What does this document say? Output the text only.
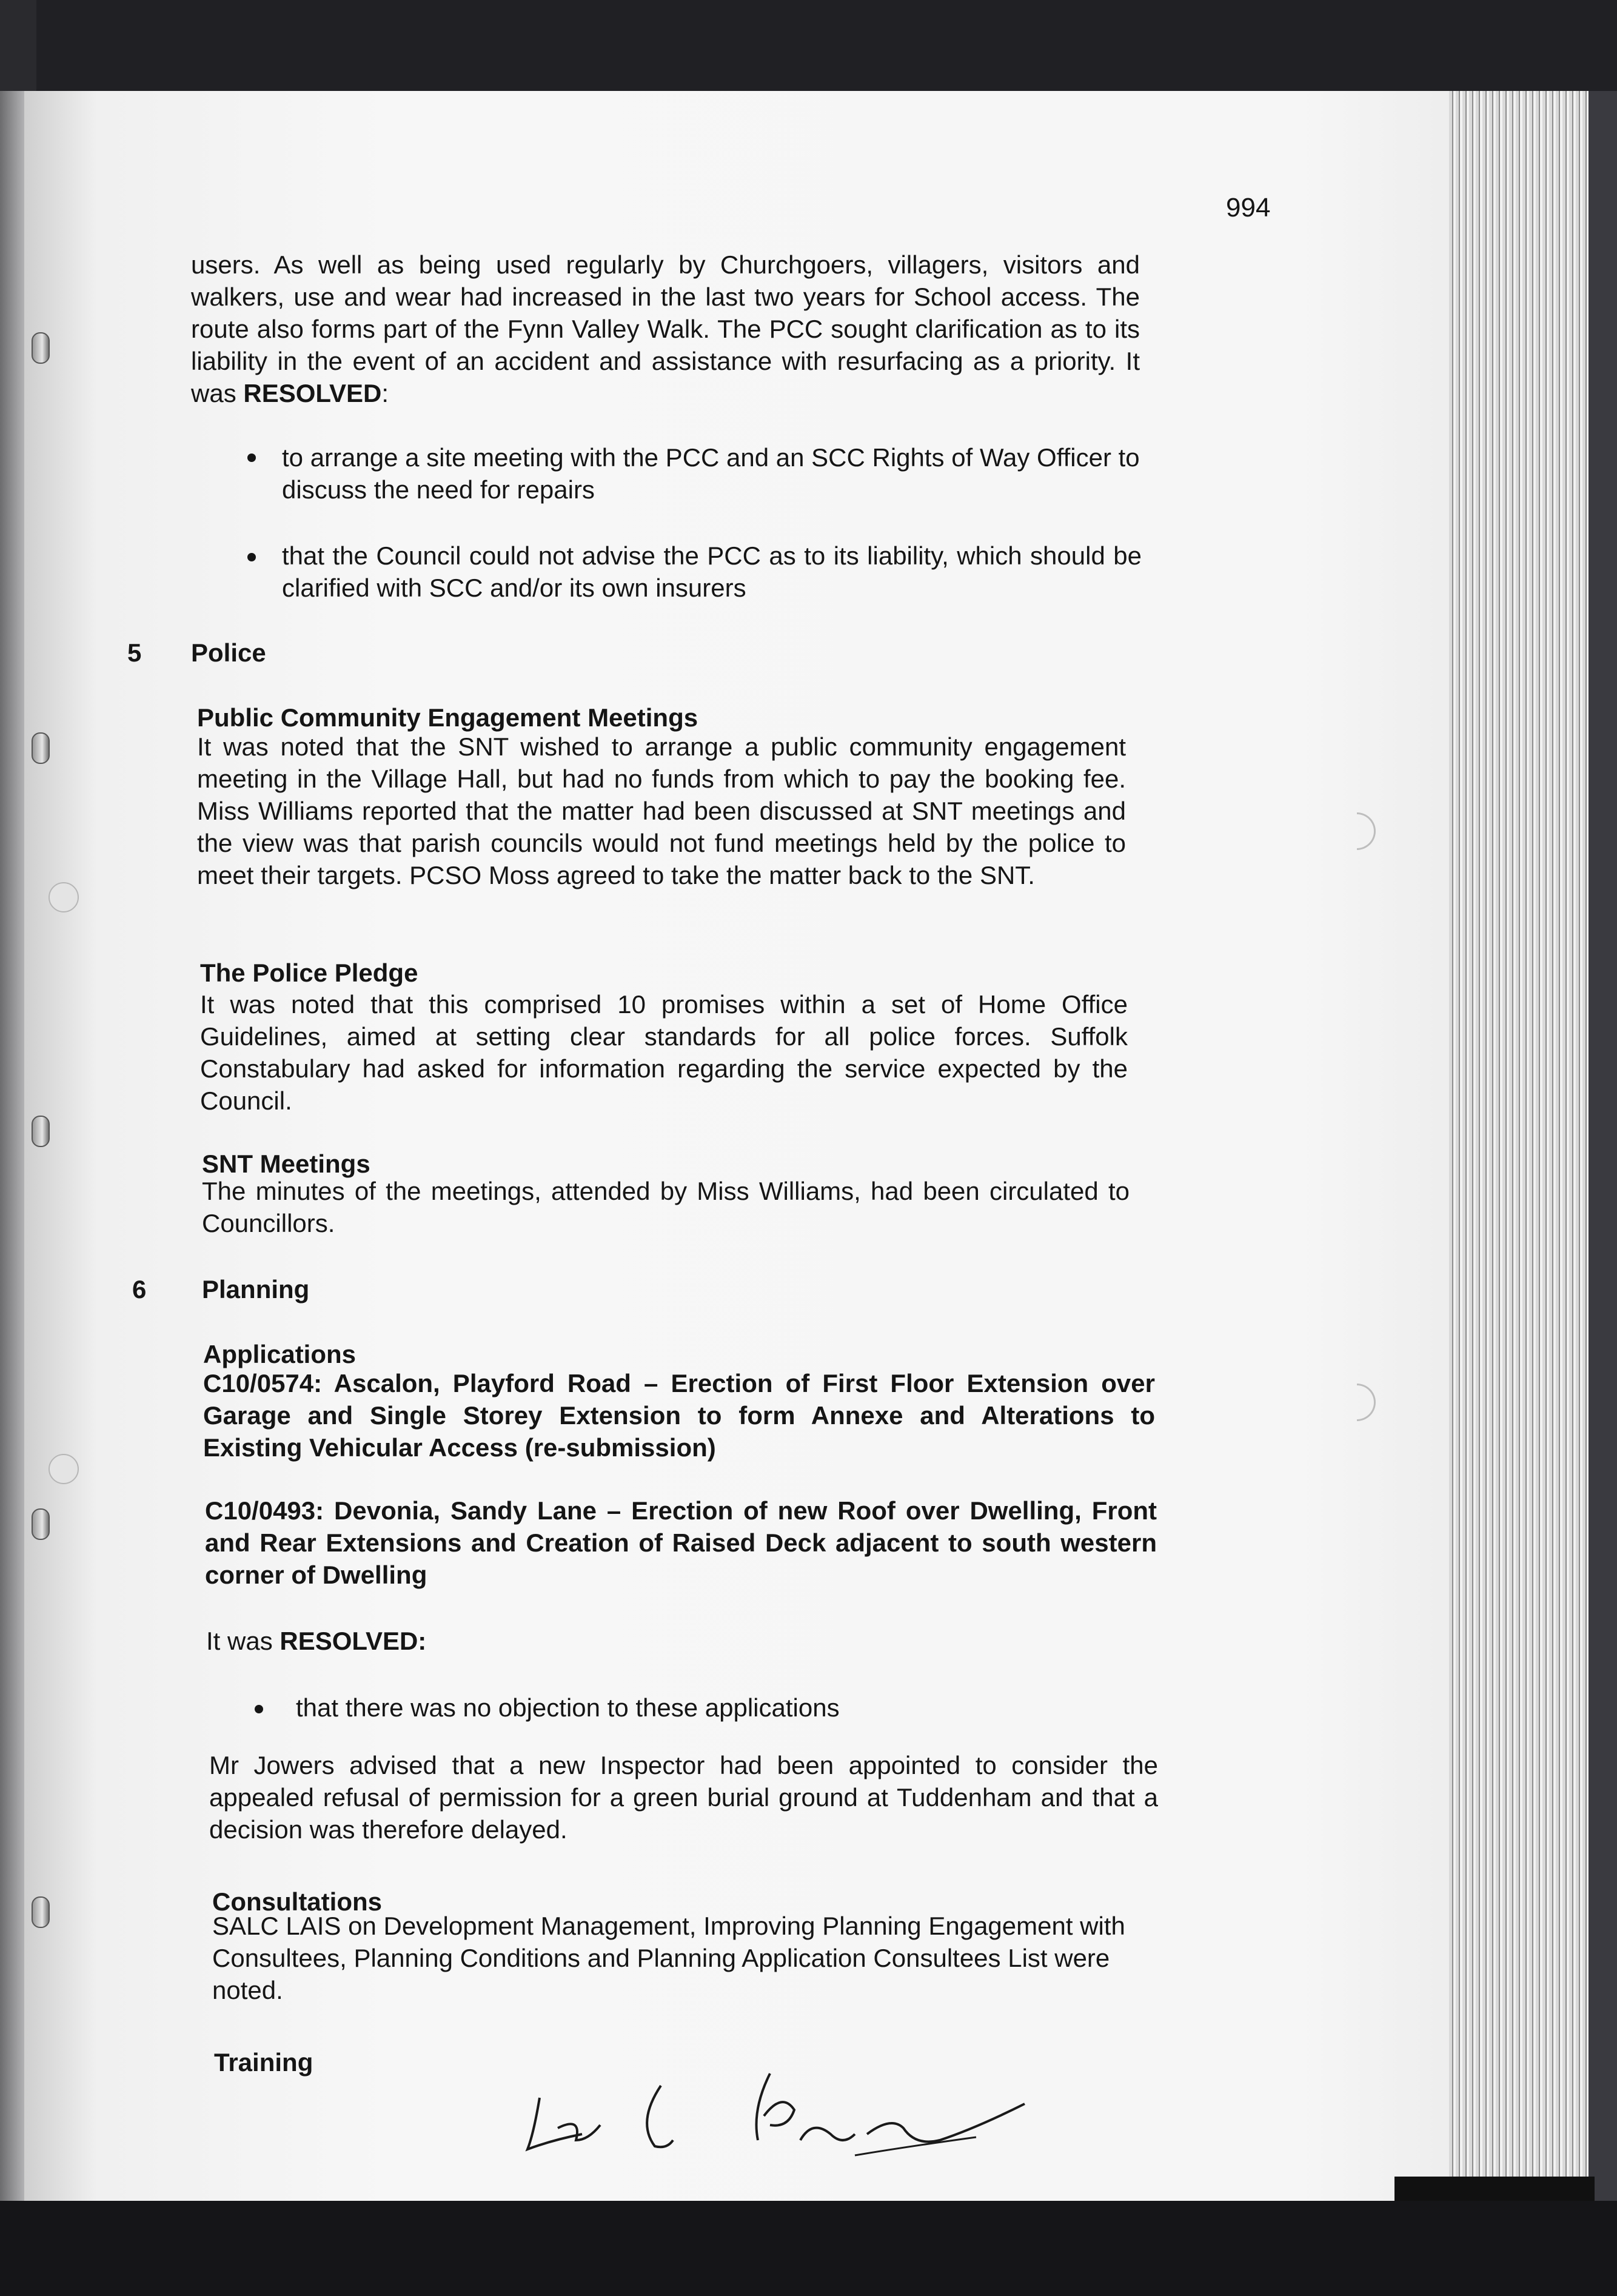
994
users. As well as being used regularly by Churchgoers, villagers, visitors and walkers, use and wear had increased in the last two years for School access. The route also forms part of the Fynn Valley Walk. The PCC sought clarification as to its liability in the event of an accident and assistance with resurfacing as a priority. It was RESOLVED:
to arrange a site meeting with the PCC and an SCC Rights of Way Officer to discuss the need for repairs
that the Council could not advise the PCC as to its liability, which should be clarified with SCC and/or its own insurers
5 Police
Public Community Engagement Meetings
It was noted that the SNT wished to arrange a public community engagement meeting in the Village Hall, but had no funds from which to pay the booking fee. Miss Williams reported that the matter had been discussed at SNT meetings and the view was that parish councils would not fund meetings held by the police to meet their targets. PCSO Moss agreed to take the matter back to the SNT.
The Police Pledge
It was noted that this comprised 10 promises within a set of Home Office Guidelines, aimed at setting clear standards for all police forces. Suffolk Constabulary had asked for information regarding the service expected by the Council.
SNT Meetings
The minutes of the meetings, attended by Miss Williams, had been circulated to Councillors.
6 Planning
Applications
C10/0574: Ascalon, Playford Road – Erection of First Floor Extension over Garage and Single Storey Extension to form Annexe and Alterations to Existing Vehicular Access (re-submission)
C10/0493: Devonia, Sandy Lane – Erection of new Roof over Dwelling, Front and Rear Extensions and Creation of Raised Deck adjacent to south western corner of Dwelling
It was RESOLVED:
that there was no objection to these applications
Mr Jowers advised that a new Inspector had been appointed to consider the appealed refusal of permission for a green burial ground at Tuddenham and that a decision was therefore delayed.
Consultations
SALC LAIS on Development Management, Improving Planning Engagement with Consultees, Planning Conditions and Planning Application Consultees List were noted.
Training
